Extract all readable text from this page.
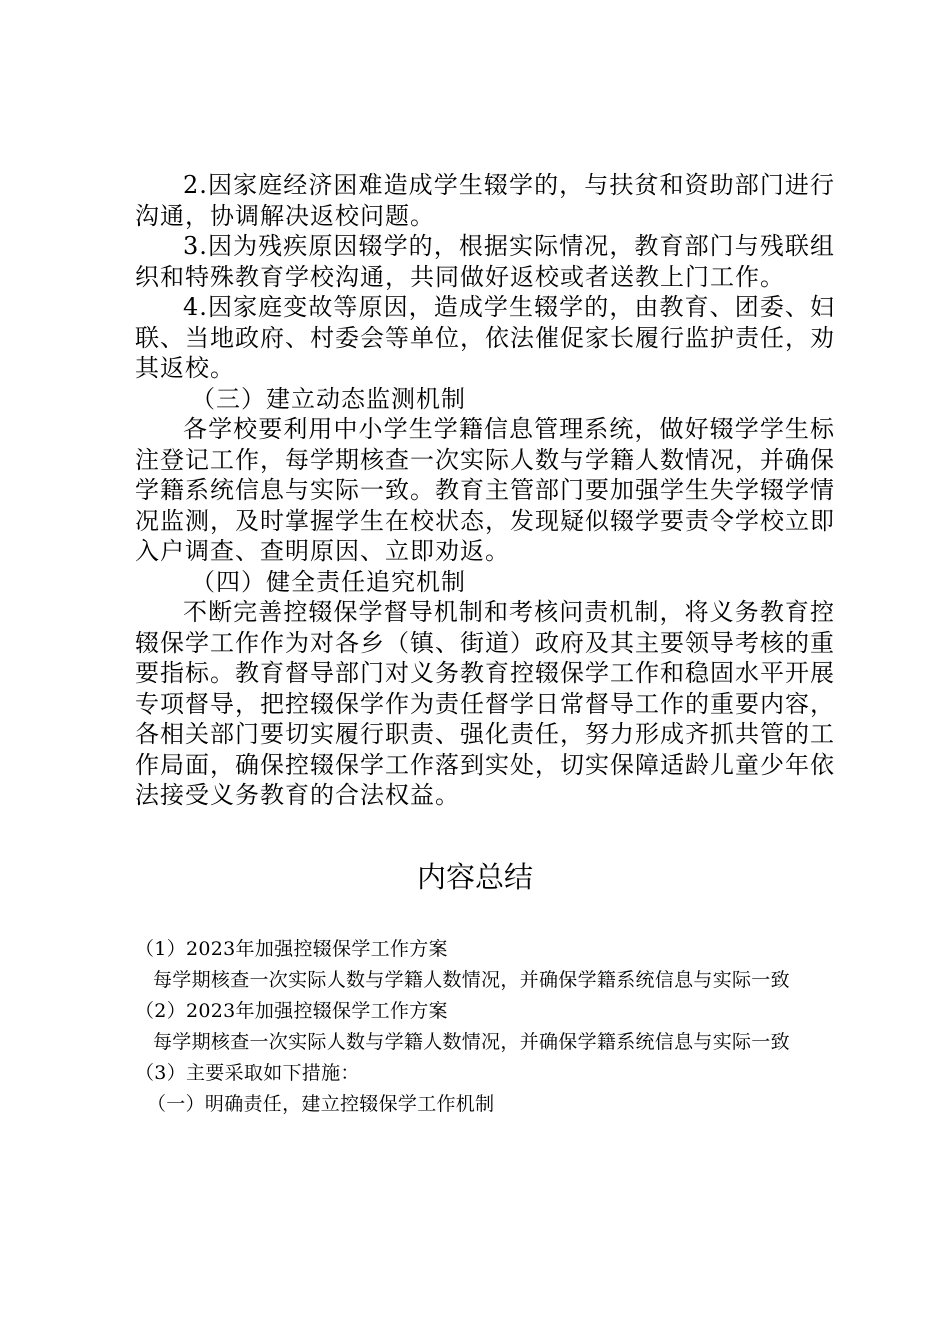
2.因家庭经济困难造成学生辍学的，与扶贫和资助部门进行沟通，协调解决返校问题。

3.因为残疾原因辍学的，根据实际情况，教育部门与残联组织和特殊教育学校沟通，共同做好返校或者送教上门工作。

4.因家庭变故等原因，造成学生辍学的，由教育、团委、妇联、当地政府、村委会等单位，依法催促家长履行监护责任，劝其返校。

（三）建立动态监测机制

各学校要利用中小学生学籍信息管理系统，做好辍学学生标注登记工作，每学期核查一次实际人数与学籍人数情况，并确保学籍系统信息与实际一致。教育主管部门要加强学生失学辍学情况监测，及时掌握学生在校状态，发现疑似辍学要责令学校立即入户调查、查明原因、立即劝返。

（四）健全责任追究机制

不断完善控辍保学督导机制和考核问责机制，将义务教育控辍保学工作作为对各乡（镇、街道）政府及其主要领导考核的重要指标。教育督导部门对义务教育控辍保学工作和稳固水平开展专项督导，把控辍保学作为责任督学日常督导工作的重要内容，各相关部门要切实履行职责、强化责任，努力形成齐抓共管的工作局面，确保控辍保学工作落到实处，切实保障适龄儿童少年依法接受义务教育的合法权益。

内容总结

（1）2023年加强控辍保学工作方案

每学期核查一次实际人数与学籍人数情况，并确保学籍系统信息与实际一致

（2）2023年加强控辍保学工作方案

每学期核查一次实际人数与学籍人数情况，并确保学籍系统信息与实际一致

（3）主要采取如下措施：

（一）明确责任，建立控辍保学工作机制
